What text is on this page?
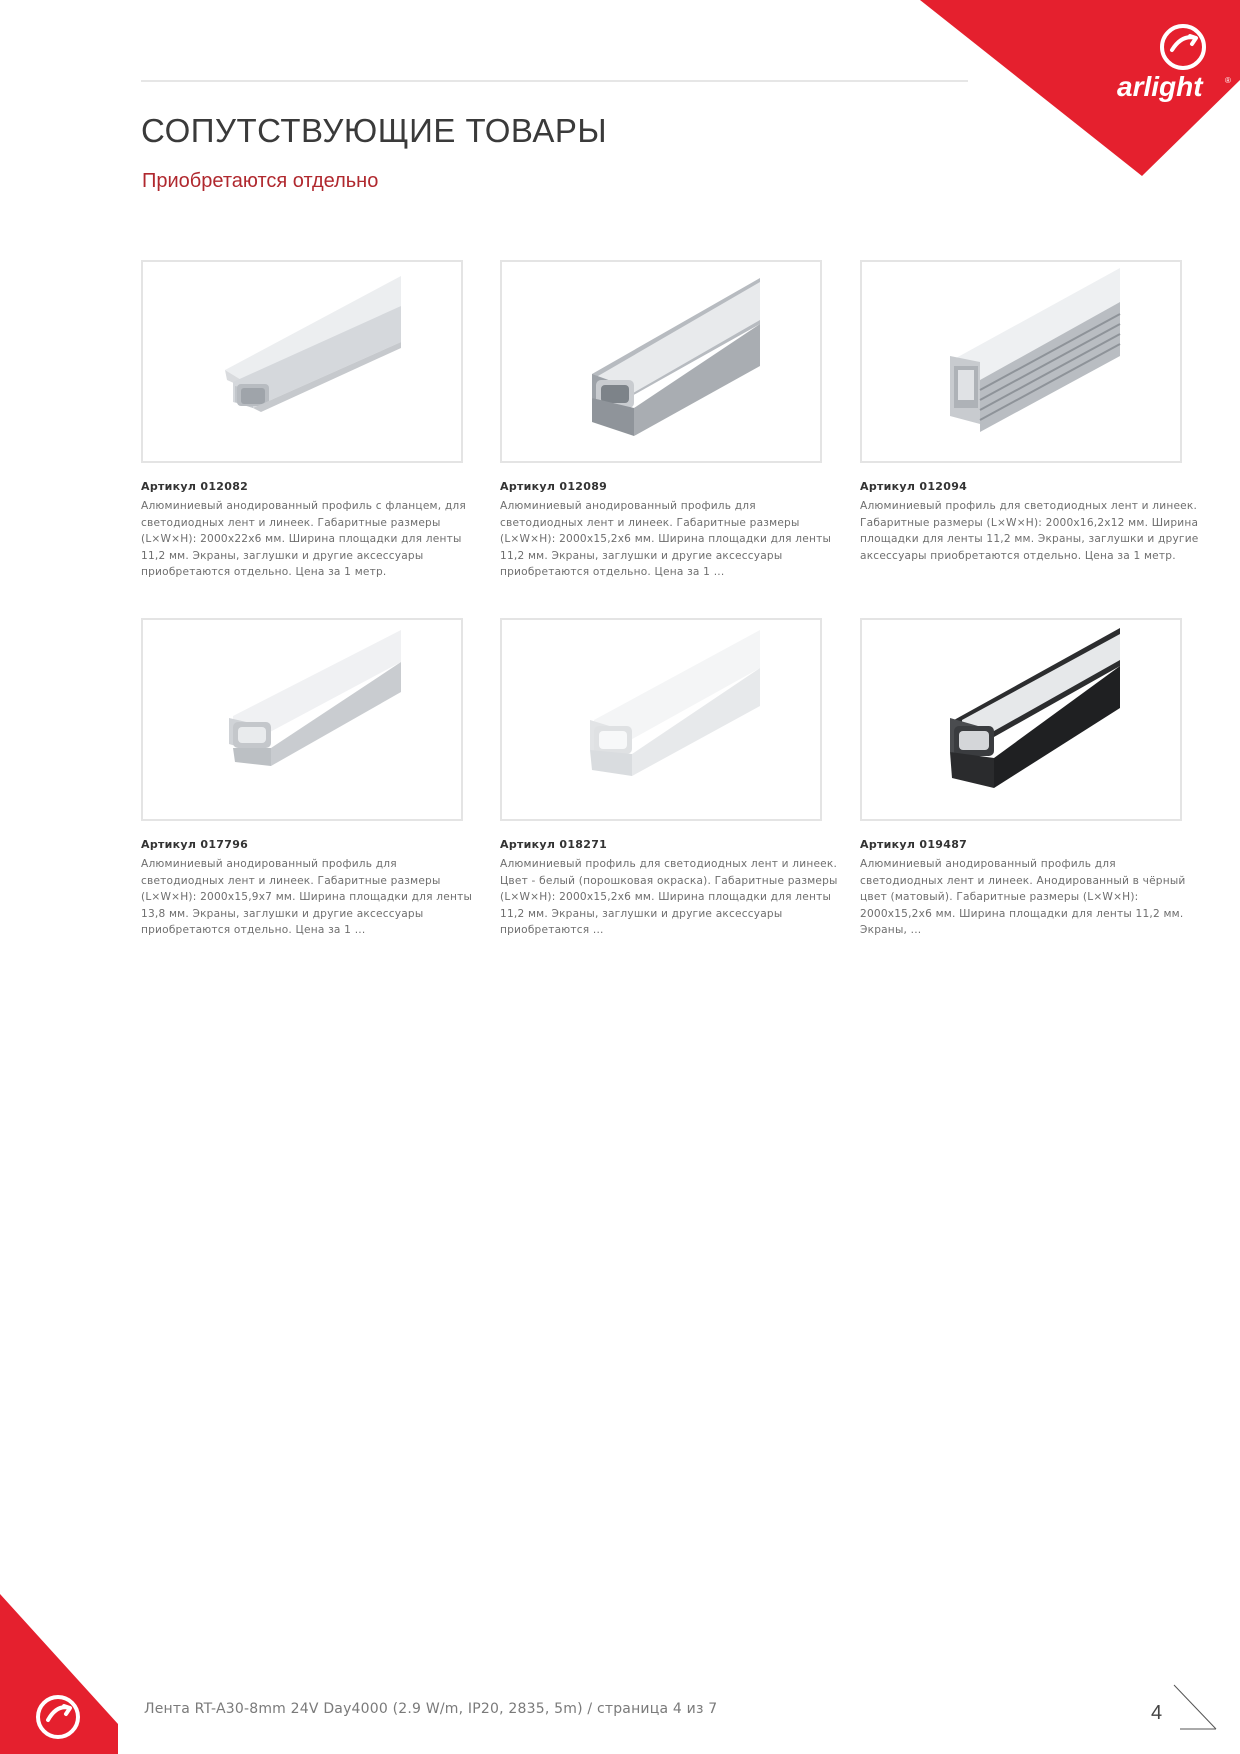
arlight	®
СОПУТСТВУЮЩИЕ ТОВАРЫ

Приобретаются отдельно

Артикул 012082

Алюминиевый анодированный профиль с фланцем, для светодиодных лент и линеек. Габаритные размеры (L×W×H): 2000x22x6 мм. Ширина площадки для ленты 11,2 мм. Экраны, заглушки и другие аксессуары приобретаются отдельно. Цена за 1 метр.

Артикул 012089

Алюминиевый анодированный профиль для светодиодных лент и линеек. Габаритные размеры (L×W×H): 2000x15,2x6 мм. Ширина площадки для ленты 11,2 мм. Экраны, заглушки и другие аксессуары приобретаются отдельно. Цена за 1 ...

Артикул 012094

Алюминиевый профиль для светодиодных лент и линеек. Габаритные размеры (L×W×H): 2000x16,2x12 мм. Ширина площадки для ленты 11,2 мм. Экраны, заглушки и другие аксессуары приобретаются отдельно. Цена за 1 метр.

Артикул 017796

Алюминиевый анодированный профиль для светодиодных лент и линеек. Габаритные размеры (L×W×H): 2000x15,9x7 мм. Ширина площадки для ленты 13,8 мм. Экраны, заглушки и другие аксессуары приобретаются отдельно. Цена за 1 ...

Артикул 018271

Алюминиевый профиль для светодиодных лент и линеек. Цвет - белый (порошковая окраска). Габаритные размеры (L×W×H): 2000x15,2x6 мм. Ширина площадки для ленты 11,2 мм. Экраны, заглушки и другие аксессуары приобретаются ...

Артикул 019487

Алюминиевый анодированный профиль для светодиодных лент и линеек. Анодированный в чёрный цвет (матовый). Габаритные размеры (L×W×H): 2000x15,2x6 мм. Ширина площадки для ленты 11,2 мм. Экраны, ...

Лента RT-A30-8mm 24V Day4000 (2.9 W/m, IP20, 2835, 5m) / страница 4 из 7	4
